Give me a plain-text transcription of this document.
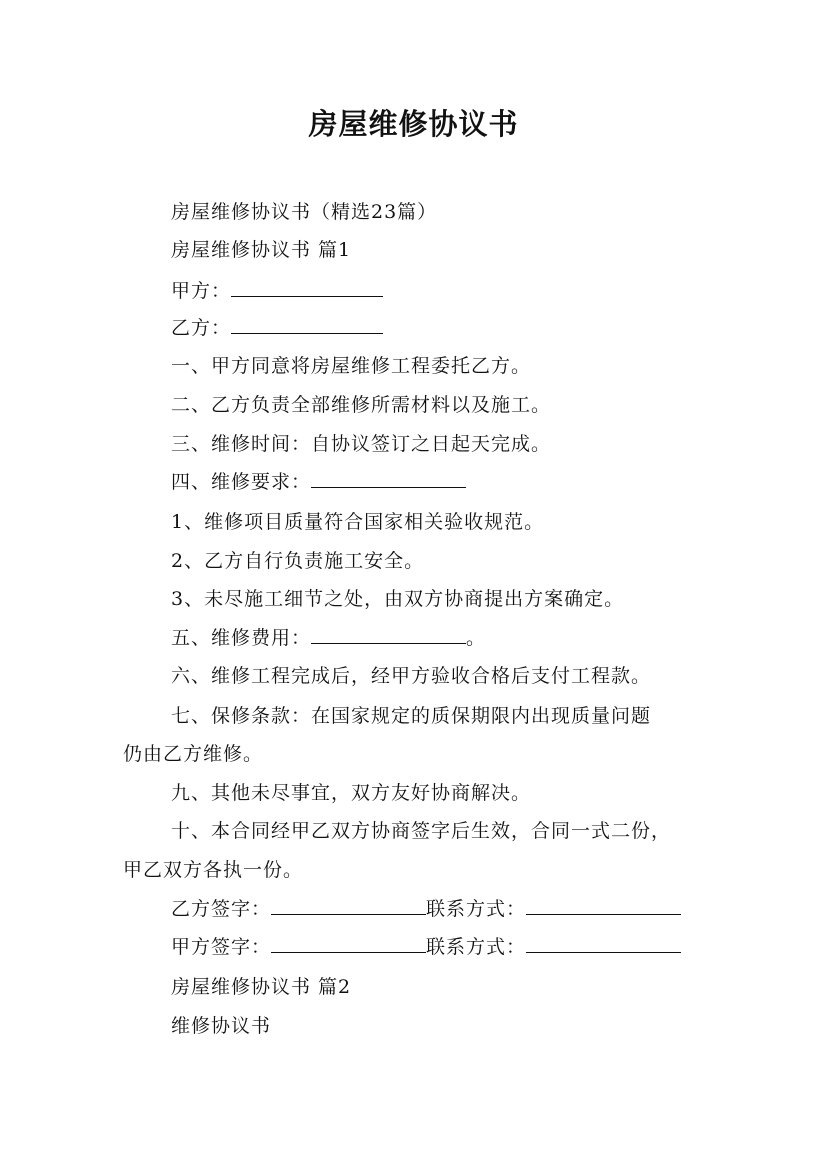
房屋维修协议书

房屋维修协议书（精选23篇）

房屋维修协议书 篇1

甲方：

乙方：

一、甲方同意将房屋维修工程委托乙方。

二、乙方负责全部维修所需材料以及施工。

三、维修时间：自协议签订之日起天完成。

四、维修要求：

1、维修项目质量符合国家相关验收规范。

2、乙方自行负责施工安全。

3、未尽施工细节之处，由双方协商提出方案确定。

五、维修费用：	。

六、维修工程完成后，经甲方验收合格后支付工程款。

七、保修条款：在国家规定的质保期限内出现质量问题

仍由乙方维修。

九、其他未尽事宜，双方友好协商解决。

十、本合同经甲乙双方协商签字后生效，合同一式二份，

甲乙双方各执一份。

乙方签字：	联系方式：

甲方签字：	联系方式：

房屋维修协议书 篇2

维修协议书
